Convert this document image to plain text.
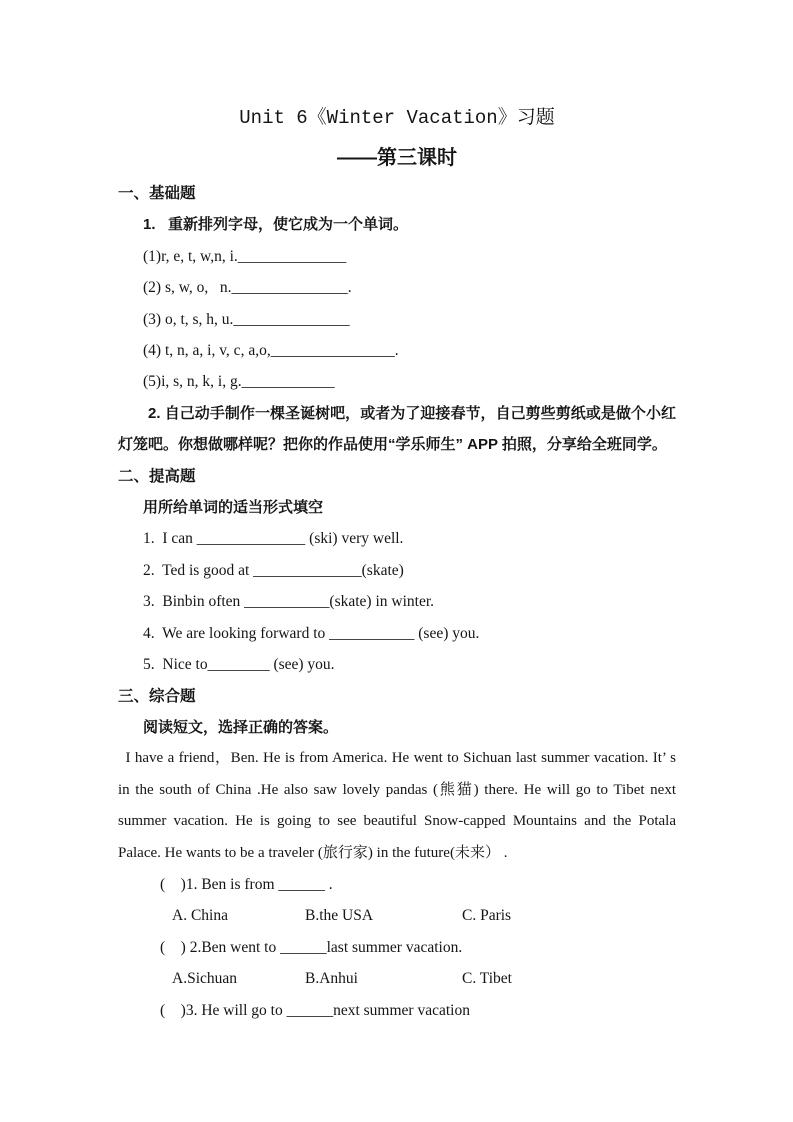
Unit 6《Winter Vacation》习题
——第三课时
一、基础题
1.   重新排列字母，使它成为一个单词。
(1)r, e, t, w,n, i.______________
(2) s, w, o,   n._______________.
(3) o, t, s, h, u._______________
(4) t, n, a, i, v, c, a,o,________________.
(5)i, s, n, k, i, g.____________

2. 自己动手制作一棵圣诞树吧，或者为了迎接春节，自己剪些剪纸或是做个小红灯笼吧。你想做哪样呢？把你的作品使用“学乐师生” APP 拍照，分享给全班同学。

二、提高题
用所给单词的适当形式填空
1.  I can ______________ (ski) very well.
2.  Ted is good at ______________(skate)
3.  Binbin often ___________(skate) in winter.
4.  We are looking forward to ___________ (see) you.
5.  Nice to________ (see) you.
三、综合题
阅读短文，选择正确的答案。

I have a friend，Ben. He is from America. He went to Sichuan last summer vacation. It’ s in the south of China .He also saw lovely pandas (熊猫) there. He will go to Tibet next summer vacation. He is going to see beautiful Snow-capped Mountains and the Potala Palace. He wants to be a traveler (旅行家) in the future(未来） .

(    )1. Ben is from ______ .
A. China	B.the USA	C. Paris
(    ) 2.Ben went to ______last summer vacation.
A.Sichuan	B.Anhui	C. Tibet
(    )3. He will go to ______next summer vacation
